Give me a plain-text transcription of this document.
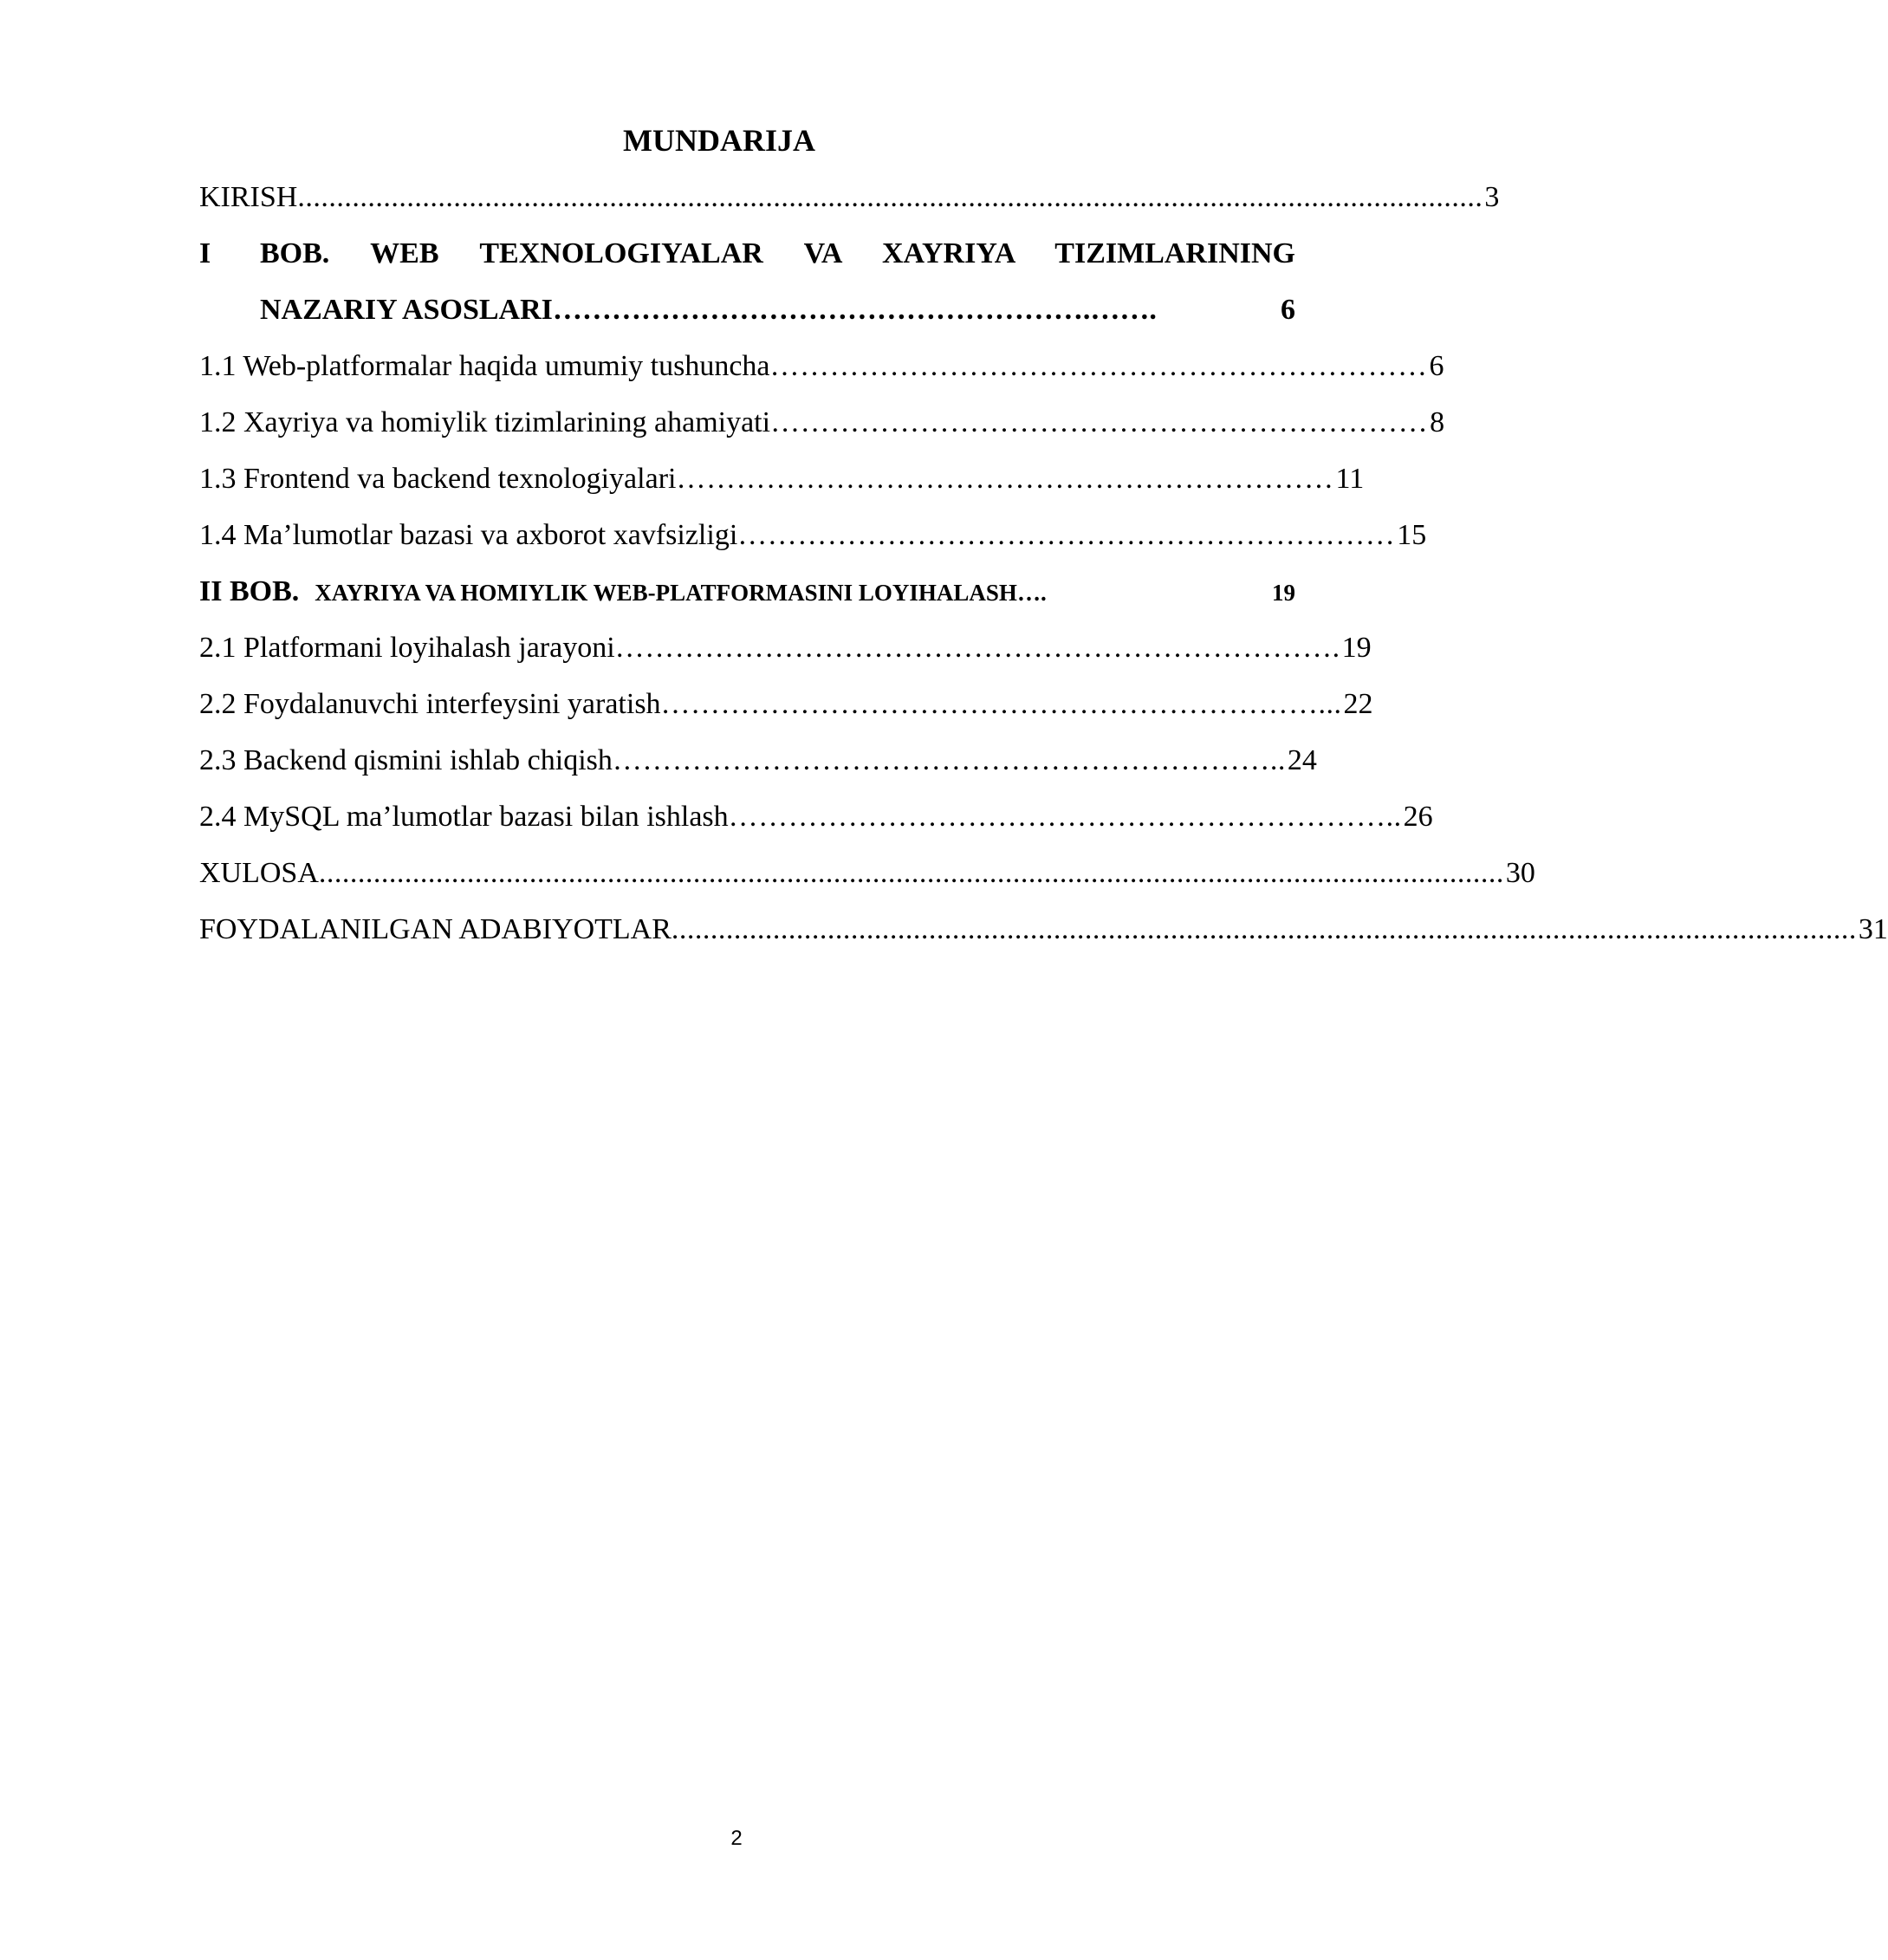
MUNDARIJA
KIRISH ........................................................................................................................................................ 3
I	BOB. WEB TEXNOLOGIYALAR VA XAYRIYA TIZIMLARINING
NAZARIY ASOSLARI ……………………………………………….…….	6
1.1 Web-platformalar haqida umumiy tushuncha ………………………………………………………… 6
1.2 Xayriya va homiylik tizimlarining ahamiyati ………………………………………………………… 8
1.3 Frontend va backend texnologiyalari ………………………………………………………… 11
1.4 Ma’lumotlar bazasi va axborot xavfsizligi ………………………………………………………… 15
II BOB. XAYRIYA VA HOMIYLIK WEB-PLATFORMASINI LOYIHALASH ….	19
2.1 Platformani loyihalash jarayoni ………………………………………………………………. 19
2.2 Foydalanuvchi interfeysini yaratish …………………………………………………………... 22
2.3 Backend qismini ishlab chiqish ………………………………………………………….. 24
2.4 MySQL ma’lumotlar bazasi bilan ishlash ………………………………………………………….. 26
XULOSA ........................................................................................................................................................ 30
FOYDALANILGAN ADABIYOTLAR ........................................................................................................................................................ 31
2
